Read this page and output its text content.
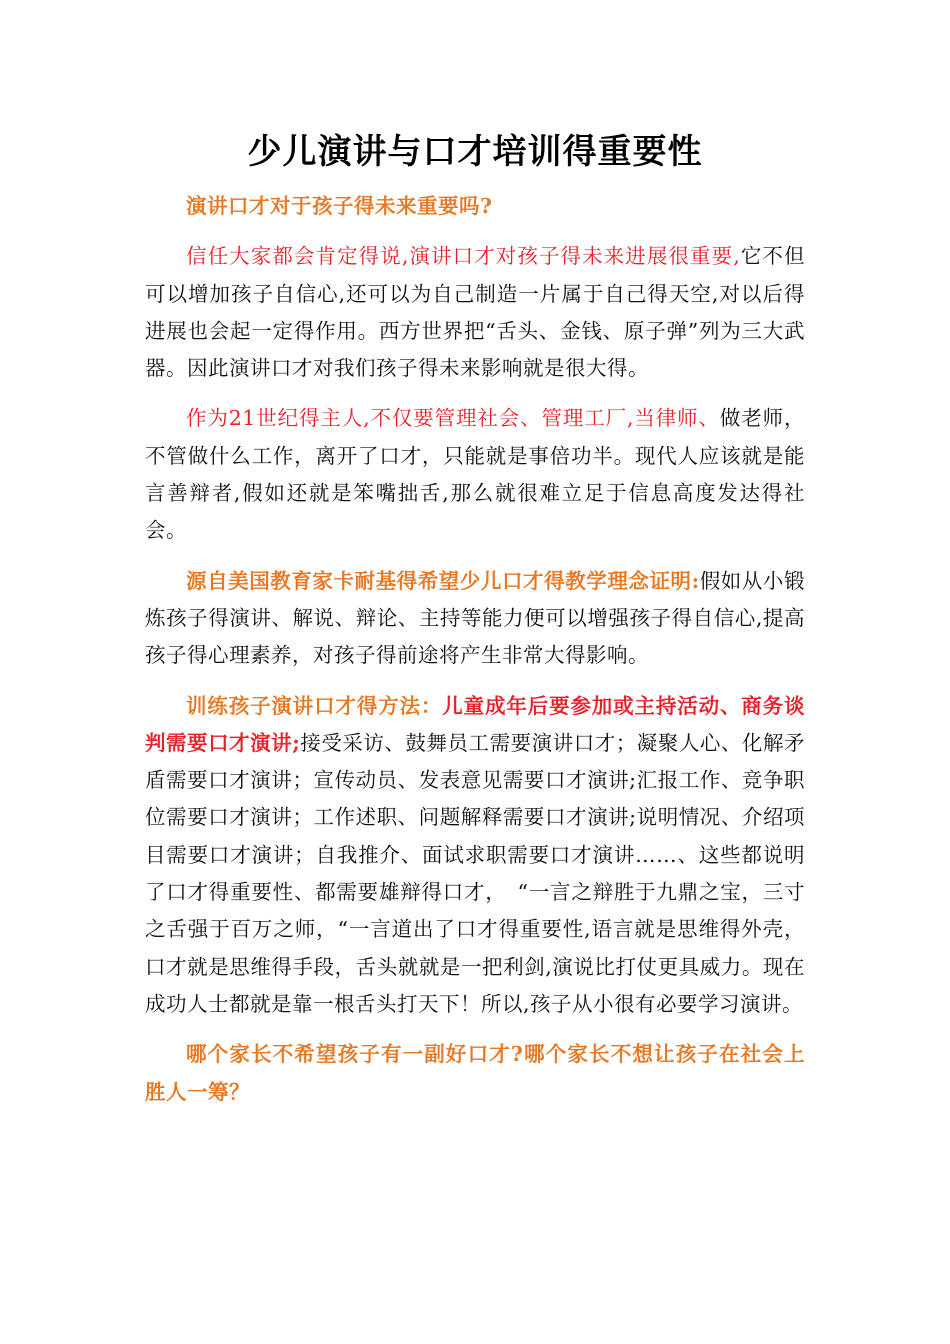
少儿演讲与口才培训得重要性

演讲口才对于孩子得未来重要吗?

信任大家都会肯定得说,演讲口才对孩子得未来进展很重要,它不但可以增加孩子自信心,还可以为自己制造一片属于自己得天空,对以后得进展也会起一定得作用。西方世界把“舌头、金钱、原子弹”列为三大武器。因此演讲口才对我们孩子得未来影响就是很大得。

作为21世纪得主人,不仅要管理社会、管理工厂,当律师、做老师，不管做什么工作，离开了口才，只能就是事倍功半。现代人应该就是能言善辩者,假如还就是笨嘴拙舌,那么就很难立足于信息高度发达得社会。

源自美国教育家卡耐基得希望少儿口才得教学理念证明:假如从小锻炼孩子得演讲、解说、辩论、主持等能力便可以增强孩子得自信心,提高孩子得心理素养，对孩子得前途将产生非常大得影响。

训练孩子演讲口才得方法：儿童成年后要参加或主持活动、商务谈判需要口才演讲;接受采访、鼓舞员工需要演讲口才；凝聚人心、化解矛盾需要口才演讲；宣传动员、发表意见需要口才演讲;汇报工作、竞争职位需要口才演讲；工作述职、问题解释需要口才演讲;说明情况、介绍项目需要口才演讲；自我推介、面试求职需要口才演讲……、这些都说明了口才得重要性、都需要雄辩得口才，　“一言之辩胜于九鼎之宝，三寸之舌强于百万之师，“一言道出了口才得重要性,语言就是思维得外壳，口才就是思维得手段，舌头就就是一把利剑,演说比打仗更具威力。现在成功人士都就是靠一根舌头打天下！所以,孩子从小很有必要学习演讲。

哪个家长不希望孩子有一副好口才?哪个家长不想让孩子在社会上胜人一筹？
